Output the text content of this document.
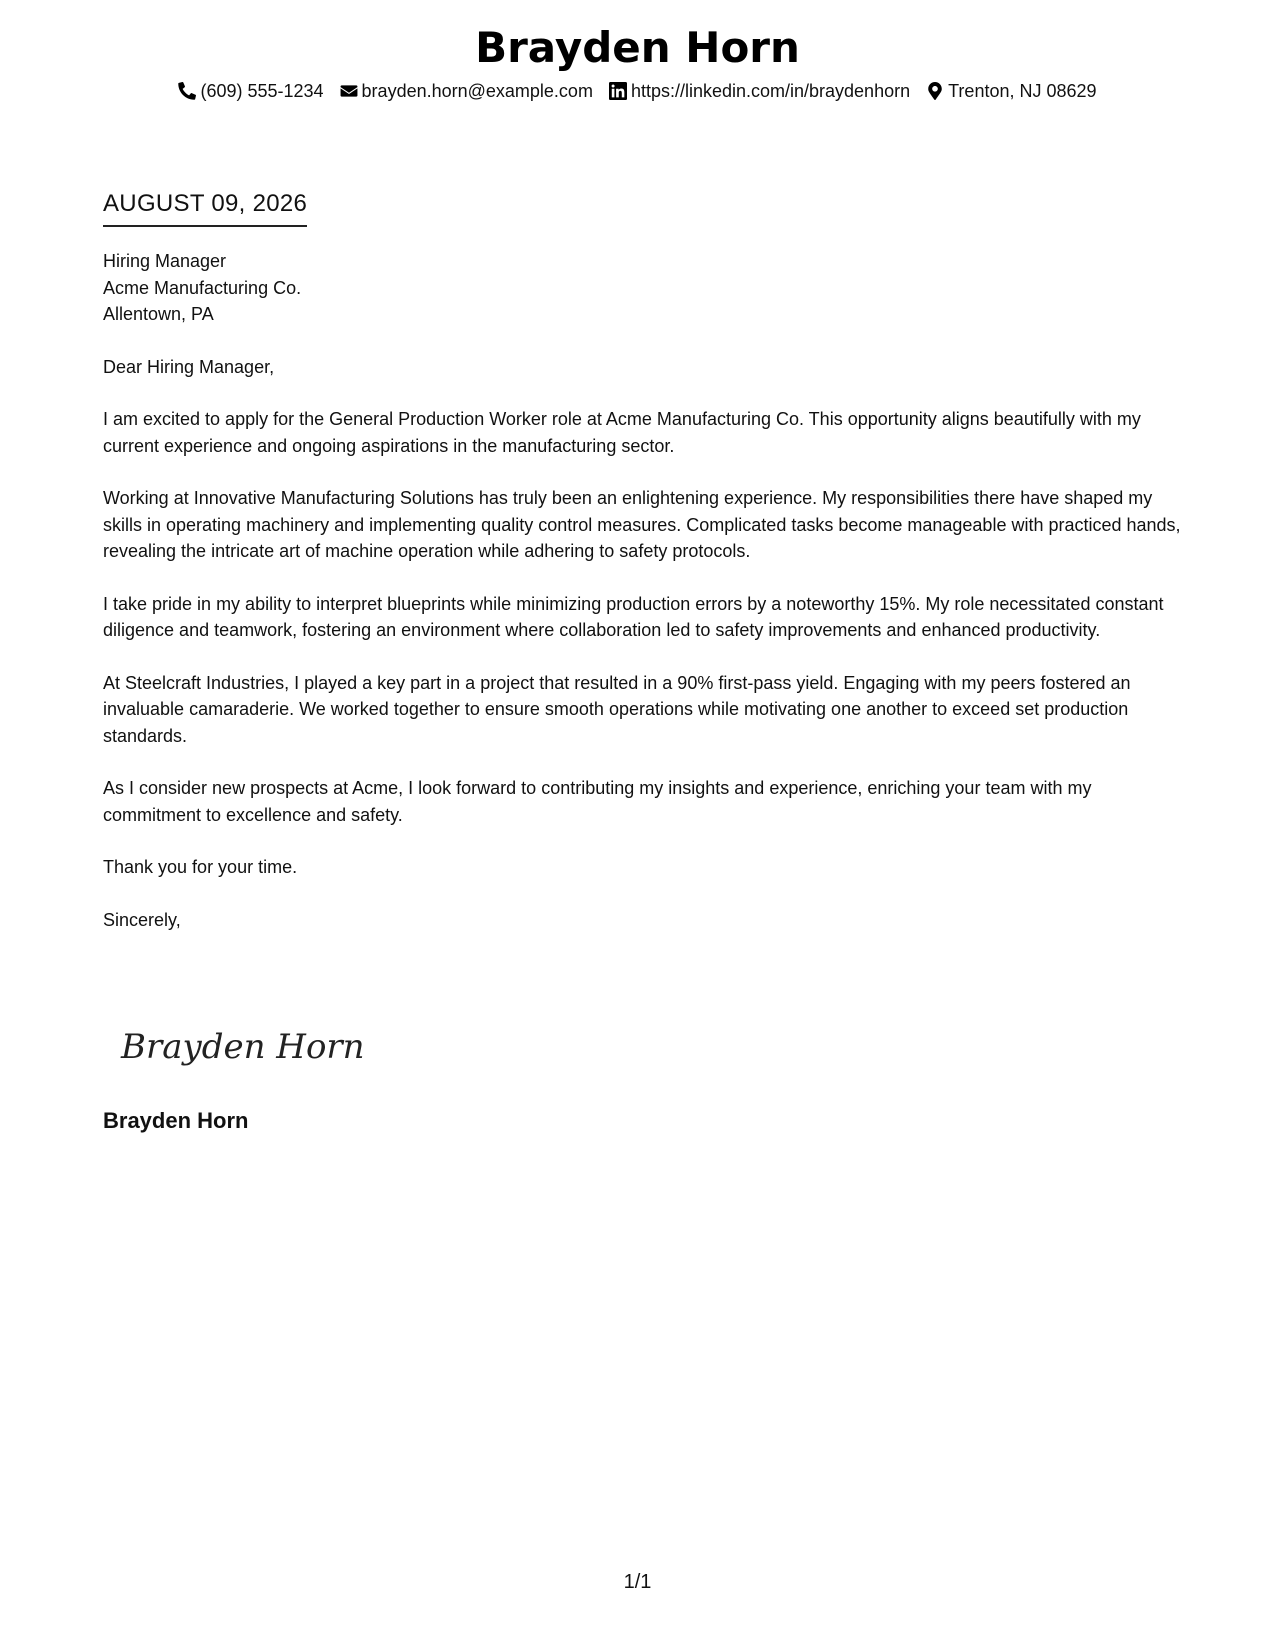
Brayden Horn
(609) 555-1234 brayden.horn@example.com https://linkedin.com/in/braydenhorn Trenton, NJ 08629
AUGUST 09, 2026
Hiring Manager
Acme Manufacturing Co.
Allentown, PA

Dear Hiring Manager,

I am excited to apply for the General Production Worker role at Acme Manufacturing Co. This opportunity aligns beautifully with my current experience and ongoing aspirations in the manufacturing sector.

Working at Innovative Manufacturing Solutions has truly been an enlightening experience. My responsibilities there have shaped my skills in operating machinery and implementing quality control measures. Complicated tasks become manageable with practiced hands, revealing the intricate art of machine operation while adhering to safety protocols.

I take pride in my ability to interpret blueprints while minimizing production errors by a noteworthy 15%. My role necessitated constant diligence and teamwork, fostering an environment where collaboration led to safety improvements and enhanced productivity.

At Steelcraft Industries, I played a key part in a project that resulted in a 90% first-pass yield. Engaging with my peers fostered an invaluable camaraderie. We worked together to ensure smooth operations while motivating one another to exceed set production standards.

As I consider new prospects at Acme, I look forward to contributing my insights and experience, enriching your team with my commitment to excellence and safety.

Thank you for your time.

Sincerely,

Brayden Horn
Brayden Horn
1/1
